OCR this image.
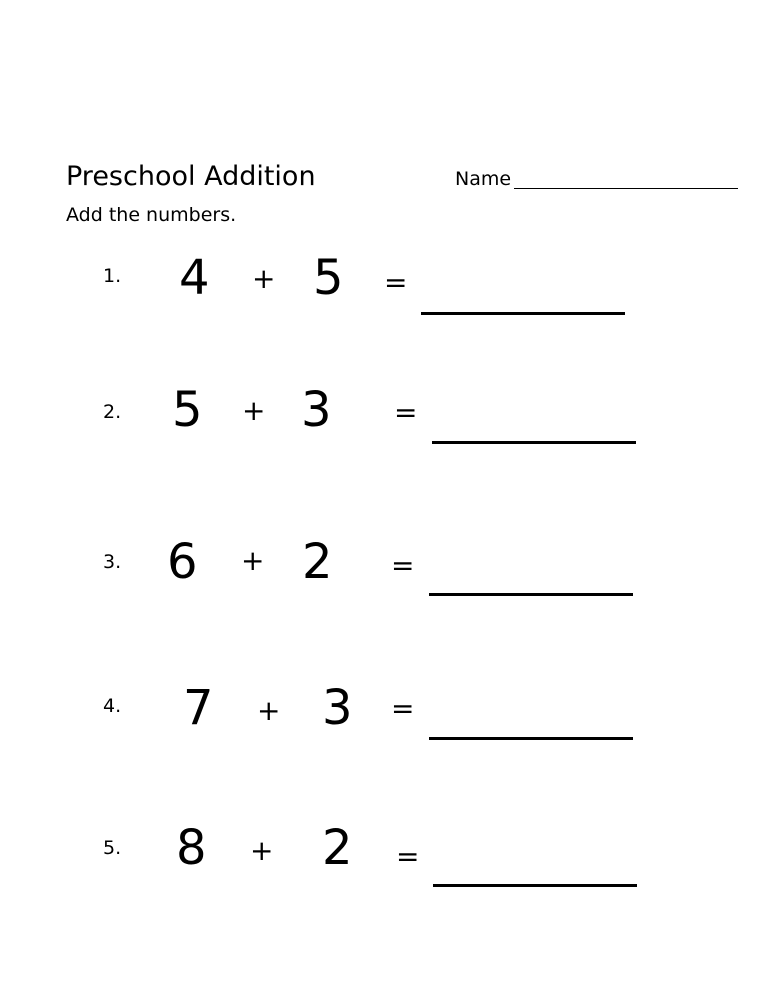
Preschool Addition	Name
Add the numbers.
1. 4 + 5 =
2. 5 + 3 =
3. 6 + 2 =
4. 7 + 3 =
5. 8 + 2 =
